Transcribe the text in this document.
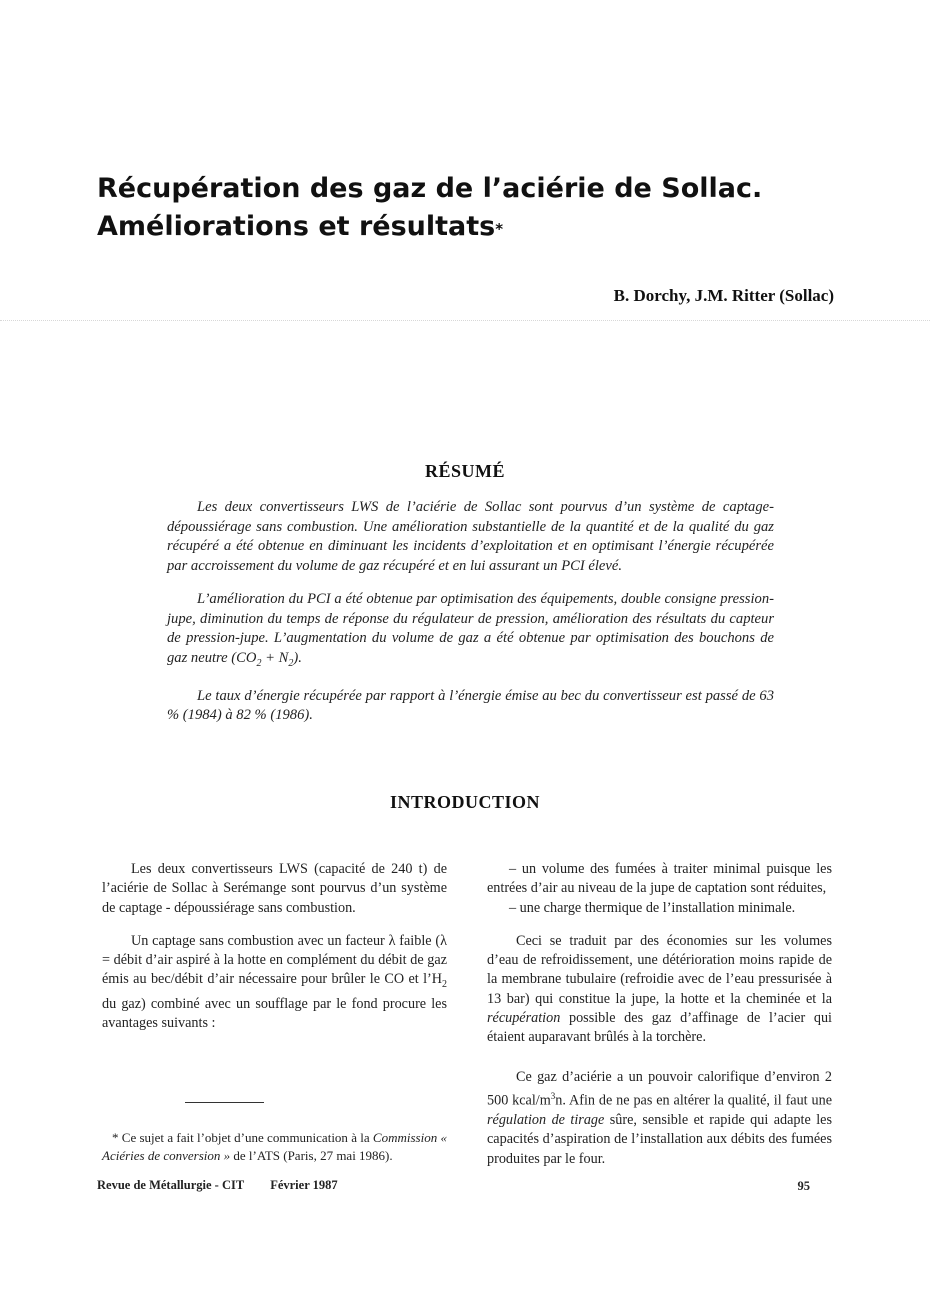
Récupération des gaz de l’aciérie de Sollac.
Améliorations et résultats*

B. Dorchy, J.M. Ritter (Sollac)

RÉSUMÉ

Les deux convertisseurs LWS de l’aciérie de Sollac sont pourvus d’un système de captage-dépoussiérage sans combustion. Une amélioration substantielle de la quantité et de la qualité du gaz récupéré a été obtenue en diminuant les incidents d’exploitation et en optimisant l’énergie récupérée par accroissement du volume de gaz récupéré et en lui assurant un PCI élevé.

L’amélioration du PCI a été obtenue par optimisation des équipements, double consigne pression-jupe, diminution du temps de réponse du régulateur de pression, amélioration des résultats du capteur de pression-jupe. L’augmentation du volume de gaz a été obtenue par optimisation des bouchons de gaz neutre $(CO_2 + N_2)$.

Le taux d’énergie récupérée par rapport à l’énergie émise au bec du convertisseur est passé de 63 % (1984) à 82 % (1986).

INTRODUCTION

Les deux convertisseurs LWS (capacité de 240 t) de l’aciérie de Sollac à Serémange sont pourvus d’un système de captage - dépoussiérage sans combustion.

Un captage sans combustion avec un facteur λ faible (λ = débit d’air aspiré à la hotte en complément du débit de gaz émis au bec/débit d’air nécessaire pour brûler le CO et $l’H_2$ du gaz) combiné avec un soufflage par le fond procure les avantages suivants :

– un volume des fumées à traiter minimal puisque les entrées d’air au niveau de la jupe de captation sont réduites,

– une charge thermique de l’installation minimale.

Ceci se traduit par des économies sur les volumes d’eau de refroidissement, une détérioration moins rapide de la membrane tubulaire (refroidie avec de l’eau pressurisée à 13 bar) qui constitue la jupe, la hotte et la cheminée et la récupération possible des gaz d’affinage de l’acier qui étaient auparavant brûlés à la torchère.

Ce gaz d’aciérie a un pouvoir calorifique d’environ 2 500 kcal/$m^3n$. Afin de ne pas en altérer la qualité, il faut une régulation de tirage sûre, sensible et rapide qui adapte les capacités d’aspiration de l’installation aux débits des fumées produites par le four.

* Ce sujet a fait l’objet d’une communication à la Commission « Aciéries de conversion » de l’ATS (Paris, 27 mai 1986).

Revue de Métallurgie - CIT Février 1987	95
